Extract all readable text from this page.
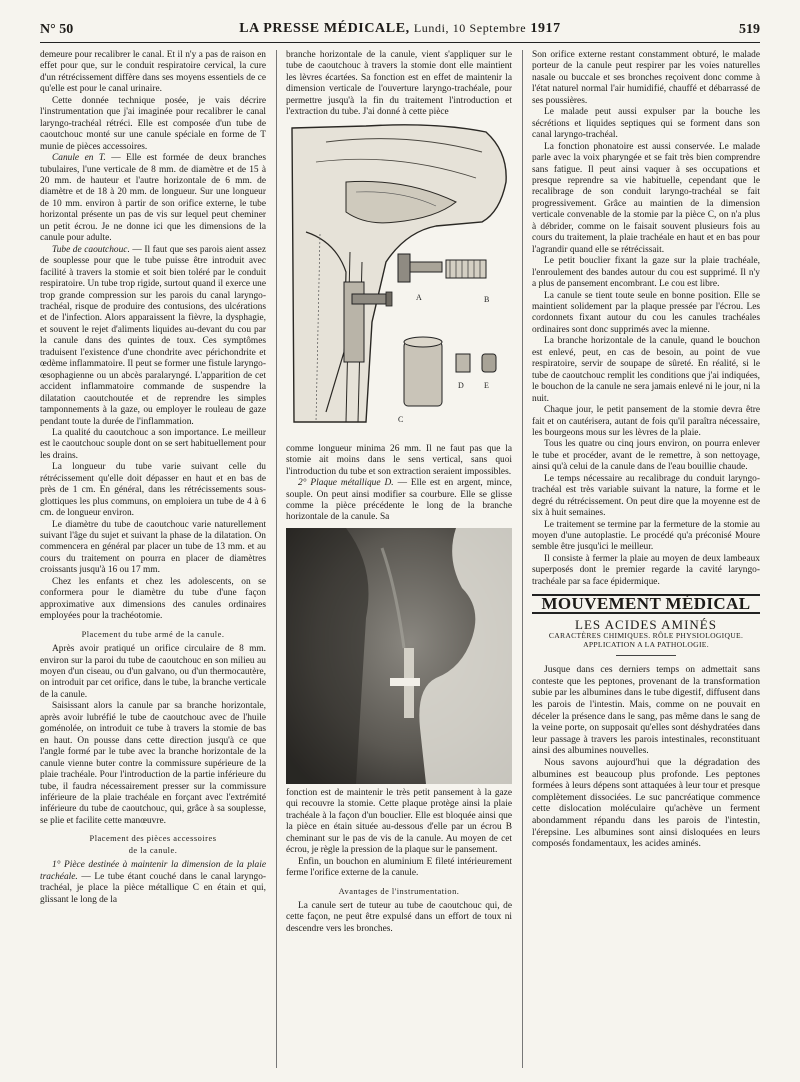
N° 50	LA PRESSE MÉDICALE, Lundi, 10 Septembre 1917	519

demeure pour recalibrer le canal. Et il n'y a pas de raison en effet pour que, sur le conduit respiratoire cervical, la cure d'un rétrécissement diffère dans ses moyens essentiels de ce qu'elle est pour le canal urinaire.

Cette donnée technique posée, je vais décrire l'instrumentation que j'ai imaginée pour recalibrer le canal laryngo-trachéal rétréci. Elle est composée d'un tube de caoutchouc monté sur une canule spéciale en forme de T munie de pièces accessoires.

Canule en T. — Elle est formée de deux branches tubulaires, l'une verticale de 8 mm. de diamètre et de 15 à 20 mm. de hauteur et l'autre horizontale de 6 mm. de diamètre et de 18 à 20 mm. de longueur. Sur une longueur de 10 mm. environ à partir de son orifice externe, le tube horizontal présente un pas de vis sur lequel peut cheminer un petit écrou. Je ne donne ici que les dimensions de la canule pour adulte.

Tube de caoutchouc. — Il faut que ses parois aient assez de souplesse pour que le tube puisse être introduit avec facilité à travers la stomie et soit bien toléré par le conduit respiratoire. Un tube trop rigide, surtout quand il exerce une trop grande compression sur les parois du canal laryngo-trachéal, risque de produire des contusions, des ulcérations et de l'infection. Alors apparaissent la fièvre, la dysphagie, et souvent le rejet d'aliments liquides au-devant du cou par la canule dans des quintes de toux. Ces symptômes traduisent l'existence d'une chondrite avec périchondrite et œdème inflammatoire. Il peut se former une fistule laryngo-œsophagienne ou un abcès paralaryngé. L'apparition de cet accident inflammatoire commande de suspendre la dilatation caoutchoutée et de reprendre les simples tamponnements à la gaze, ou employer le rouleau de gaze pendant toute la durée de l'inflammation.

La qualité du caoutchouc a son importance. Le meilleur est le caoutchouc souple dont on se sert habituellement pour les drains.

La longueur du tube varie suivant celle du rétrécissement qu'elle doit dépasser en haut et en bas de près de 1 cm. En général, dans les rétrécissements sous-glottiques les plus communs, on emploiera un tube de 4 à 6 cm. de longueur environ.

Le diamètre du tube de caoutchouc varie naturellement suivant l'âge du sujet et suivant la phase de la dilatation. On commencera en général par placer un tube de 13 mm. et au cours du traitement on pourra en placer de diamètres croissants jusqu'à 16 ou 17 mm.

Chez les enfants et chez les adolescents, on se conformera pour le diamètre du tube d'une façon approximative aux dimensions des canules ordinaires employées pour la trachéotomie.

Placement du tube armé de la canule.

Après avoir pratiqué un orifice circulaire de 8 mm. environ sur la paroi du tube de caoutchouc en son milieu au moyen d'un ciseau, ou d'un galvano, ou d'un thermocautère, on introduit par cet orifice, dans le tube, la branche verticale de la canule.

Saisissant alors la canule par sa branche horizontale, après avoir lubréfié le tube de caoutchouc avec de l'huile goménolée, on introduit ce tube à travers la stomie de bas en haut. On pousse dans cette direction jusqu'à ce que l'angle formé par le tube avec la branche horizontale de la canule vienne buter contre la commissure supérieure de la plaie trachéale. Pour l'introduction de la partie inférieure du tube, il faudra nécessairement presser sur la commissure inférieure de la plaie trachéale en forçant avec l'extrémité inférieure du tube de caoutchouc, qui, grâce à sa souplesse, se plie et facilite cette manœuvre.

Placement des pièces accessoires

de la canule.

1° Pièce destinée à maintenir la dimension de la plaie trachéale. — Le tube étant couché dans le canal laryngo-trachéal, je place la pièce métallique C en étain et qui, glissant le long de la

branche horizontale de la canule, vient s'appliquer sur le tube de caoutchouc à travers la stomie dont elle maintient les lèvres écartées. Sa fonction est en effet de maintenir la dimension verticale de l'ouverture laryngo-trachéale, pour permettre jusqu'à la fin du traitement l'introduction et l'extraction du tube. J'ai donné à cette pièce

A	B
C
D	E

comme longueur minima 26 mm. Il ne faut pas que la stomie ait moins dans le sens vertical, sans quoi l'introduction du tube et son extraction seraient impossibles.

2° Plaque métallique D. — Elle est en argent, mince, souple. On peut ainsi modifier sa courbure. Elle se glisse comme la pièce précédente le long de la branche horizontale de la canule. Sa

fonction est de maintenir le très petit pansement à la gaze qui recouvre la stomie. Cette plaque protège ainsi la plaie trachéale à la façon d'un bouclier. Elle est bloquée ainsi que la pièce en étain située au-dessous d'elle par un écrou B cheminant sur le pas de vis de la canule. Au moyen de cet écrou, je règle la pression de la plaque sur le pansement.

Enfin, un bouchon en aluminium E fileté intérieurement ferme l'orifice externe de la canule.

Avantages de l'instrumentation.

La canule sert de tuteur au tube de caoutchouc qui, de cette façon, ne peut être expulsé dans un effort de toux ni descendre vers les bronches.

Son orifice externe restant constamment obturé, le malade porteur de la canule peut respirer par les voies naturelles nasale ou buccale et ses bronches reçoivent donc comme à l'état naturel normal l'air humidifié, chauffé et débarrassé de ses poussières.

Le malade peut aussi expulser par la bouche les sécrétions et liquides septiques qui se forment dans son canal laryngo-trachéal.

La fonction phonatoire est aussi conservée. Le malade parle avec la voix pharyngée et se fait très bien comprendre sans fatigue. Il peut ainsi vaquer à ses occupations et presque reprendre sa vie habituelle, cependant que le recalibrage de son conduit laryngo-trachéal se fait progressivement. Grâce au maintien de la dimension verticale convenable de la stomie par la pièce C, on n'a plus à débrider, comme on le faisait souvent plusieurs fois au cours du traitement, la plaie trachéale en haut et en bas pour l'agrandir quand elle se rétrécissait.

Le petit bouclier fixant la gaze sur la plaie trachéale, l'enroulement des bandes autour du cou est supprimé. Il n'y a plus de pansement encombrant. Le cou est libre.

La canule se tient toute seule en bonne position. Elle se maintient solidement par la plaque pressée par l'écrou. Les cordonnets fixant autour du cou les canules trachéales ordinaires sont donc supprimés avec la mienne.

La branche horizontale de la canule, quand le bouchon est enlevé, peut, en cas de besoin, au point de vue respiratoire, servir de soupape de sûreté. En réalité, si le tube de caoutchouc remplit les conditions que j'ai indiquées, le bouchon de la canule ne sera jamais enlevé ni le jour, ni la nuit.

Chaque jour, le petit pansement de la stomie devra être fait et on cautérisera, autant de fois qu'il paraîtra nécessaire, les bourgeons mous sur les lèvres de la plaie.

Tous les quatre ou cinq jours environ, on pourra enlever le tube et procéder, avant de le remettre, à son nettoyage, ainsi qu'à celui de la canule dans de l'eau bouillie chaude.

Le temps nécessaire au recalibrage du conduit laryngo-trachéal est très variable suivant la nature, la forme et le degré du rétrécissement. On peut dire que la moyenne est de six à huit semaines.

Le traitement se termine par la fermeture de la stomie au moyen d'une autoplastie. Le procédé qu'a préconisé Moure semble être jusqu'ici le meilleur.

Il consiste à fermer la plaie au moyen de deux lambeaux superposés dont le premier regarde la cavité laryngo-trachéale par sa face épidermique.

MOUVEMENT MÉDICAL
LES ACIDES AMINÉS
CARACTÈRES CHIMIQUES. RÔLE PHYSIOLOGIQUE.
APPLICATION A LA PATHOLOGIE.

Jusque dans ces derniers temps on admettait sans conteste que les peptones, provenant de la transformation subie par les albumines dans le tube digestif, diffusent dans les parois de l'intestin. Mais, comme on ne pouvait en déceler la présence dans le sang, pas même dans le sang de la veine porte, on supposait qu'elles sont déshydratées dans leur passage à travers les parois intestinales, reconstituant ainsi des albumines nouvelles.

Nous savons aujourd'hui que la dégradation des albumines est beaucoup plus profonde. Les peptones formées à leurs dépens sont attaquées à leur tour et presque complètement dissociées. Le suc pancréatique commence cette dislocation moléculaire qu'achève un ferment abondamment répandu dans les parois de l'intestin, l'érepsine. Les albumines sont ainsi disloquées en leurs composés fondamentaux, les acides aminés.
